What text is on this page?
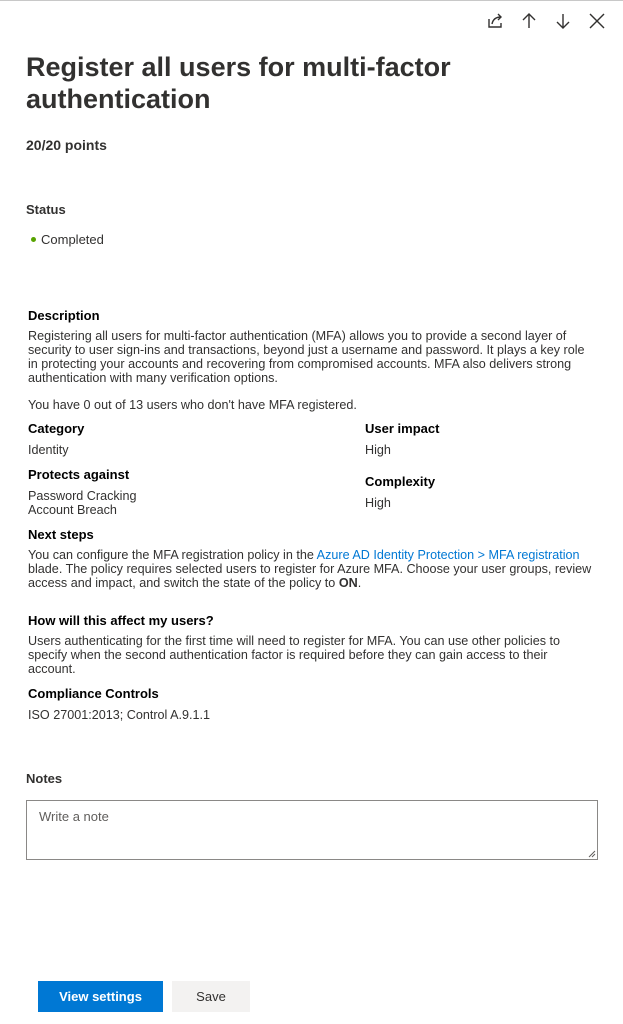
Register all users for multi-factor authentication
20/20 points
Status
Completed
Description
Registering all users for multi-factor authentication (MFA) allows you to provide a second layer of security to user sign-ins and transactions, beyond just a username and password. It plays a key role in protecting your accounts and recovering from compromised accounts. MFA also delivers strong authentication with many verification options.
You have 0 out of 13 users who don't have MFA registered.
Category
Identity
User impact
High
Protects against
Password Cracking
Account Breach
Complexity
High
Next steps
You can configure the MFA registration policy in the Azure AD Identity Protection > MFA registration blade. The policy requires selected users to register for Azure MFA. Choose your user groups, review access and impact, and switch the state of the policy to ON.
How will this affect my users?
Users authenticating for the first time will need to register for MFA. You can use other policies to specify when the second authentication factor is required before they can gain access to their account.
Compliance Controls
ISO 27001:2013; Control A.9.1.1
Notes
Write a note
View settings	Save
